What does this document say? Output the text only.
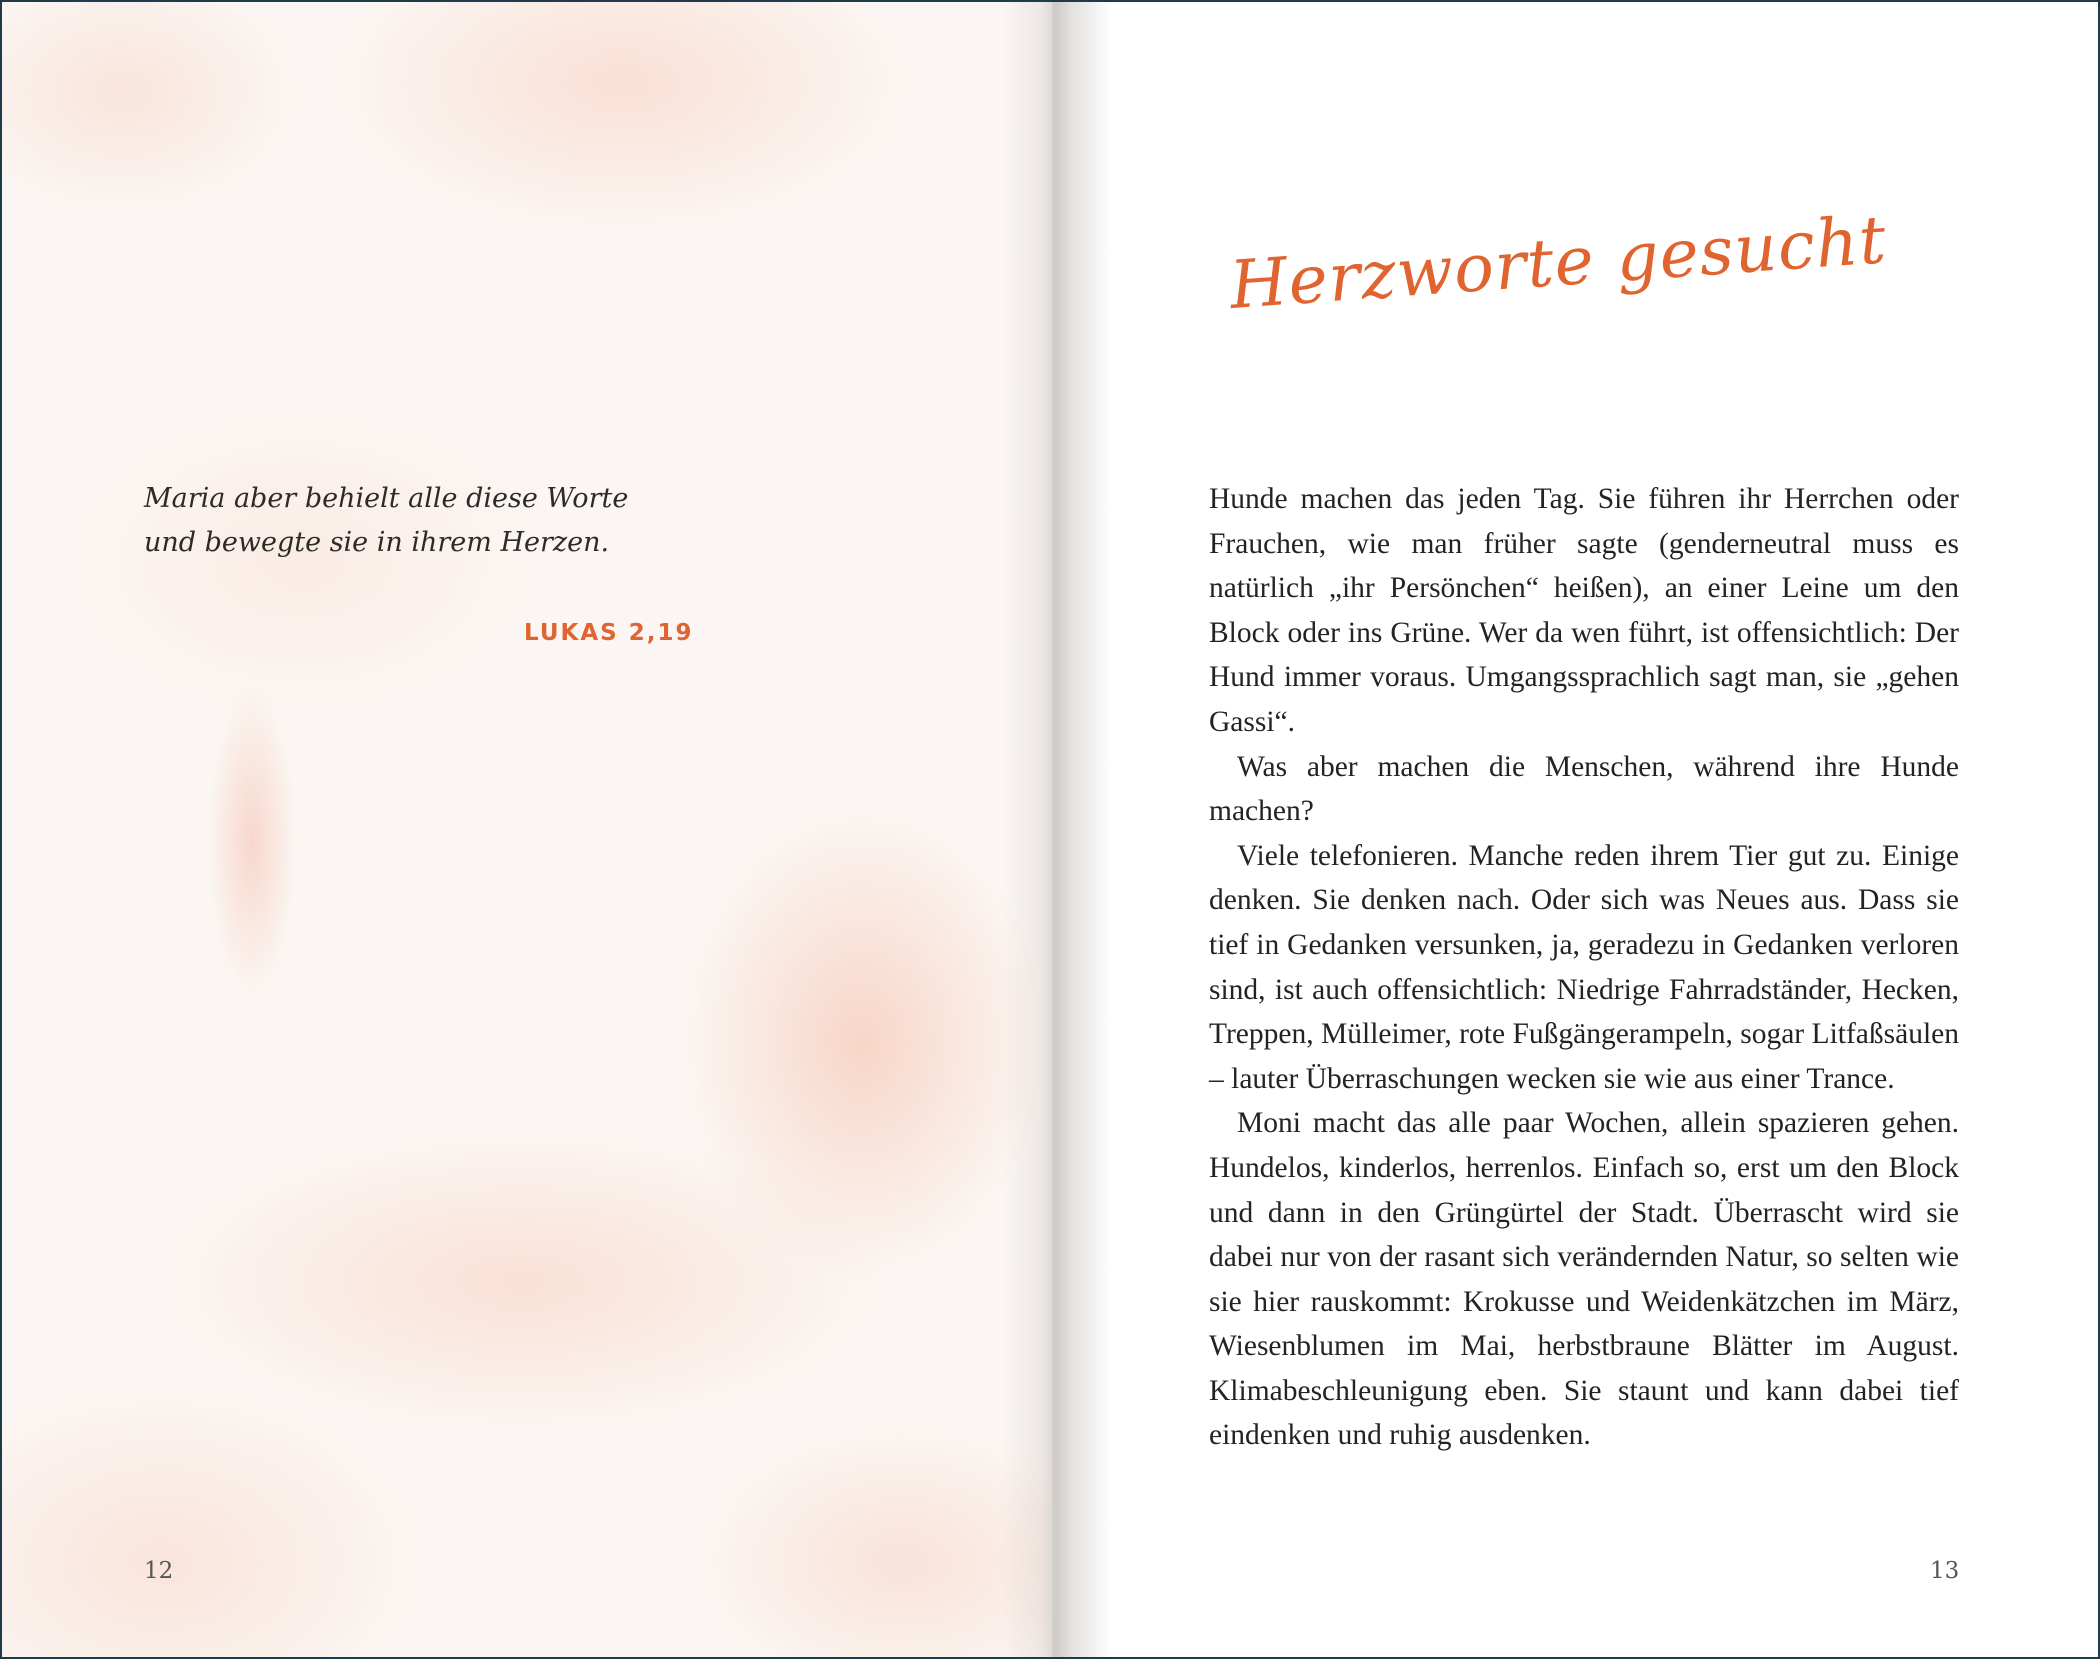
Maria aber behielt alle diese Worte

und bewegte sie in ihrem Herzen.

LUKAS 2,19
12
Herzworte gesucht

Hunde machen das jeden Tag. Sie führen ihr Herrchen oder Frauchen, wie man früher sagte (genderneutral muss es natürlich „ihr Persönchen“ heißen), an einer Leine um den Block oder ins Grüne. Wer da wen führt, ist offensichtlich: Der Hund immer voraus. Umgangssprachlich sagt man, sie „gehen Gassi“.

Was aber machen die Menschen, während ihre Hunde machen?

Viele telefonieren. Manche reden ihrem Tier gut zu. Einige denken. Sie denken nach. Oder sich was Neues aus. Dass sie tief in Gedanken versunken, ja, geradezu in Gedanken verloren sind, ist auch offensichtlich: Niedrige Fahrradständer, Hecken, Treppen, Mülleimer, rote Fußgängerampeln, sogar Litfaßsäulen – lauter Überraschungen wecken sie wie aus einer Trance.

Moni macht das alle paar Wochen, allein spazieren gehen. Hundelos, kinderlos, herrenlos. Einfach so, erst um den Block und dann in den Grüngürtel der Stadt. Überrascht wird sie dabei nur von der rasant sich verändernden Natur, so selten wie sie hier rauskommt: Krokusse und Weidenkätzchen im März, Wiesenblumen im Mai, herbstbraune Blätter im August. Klimabeschleunigung eben. Sie staunt und kann dabei tief eindenken und ruhig ausdenken.

13
